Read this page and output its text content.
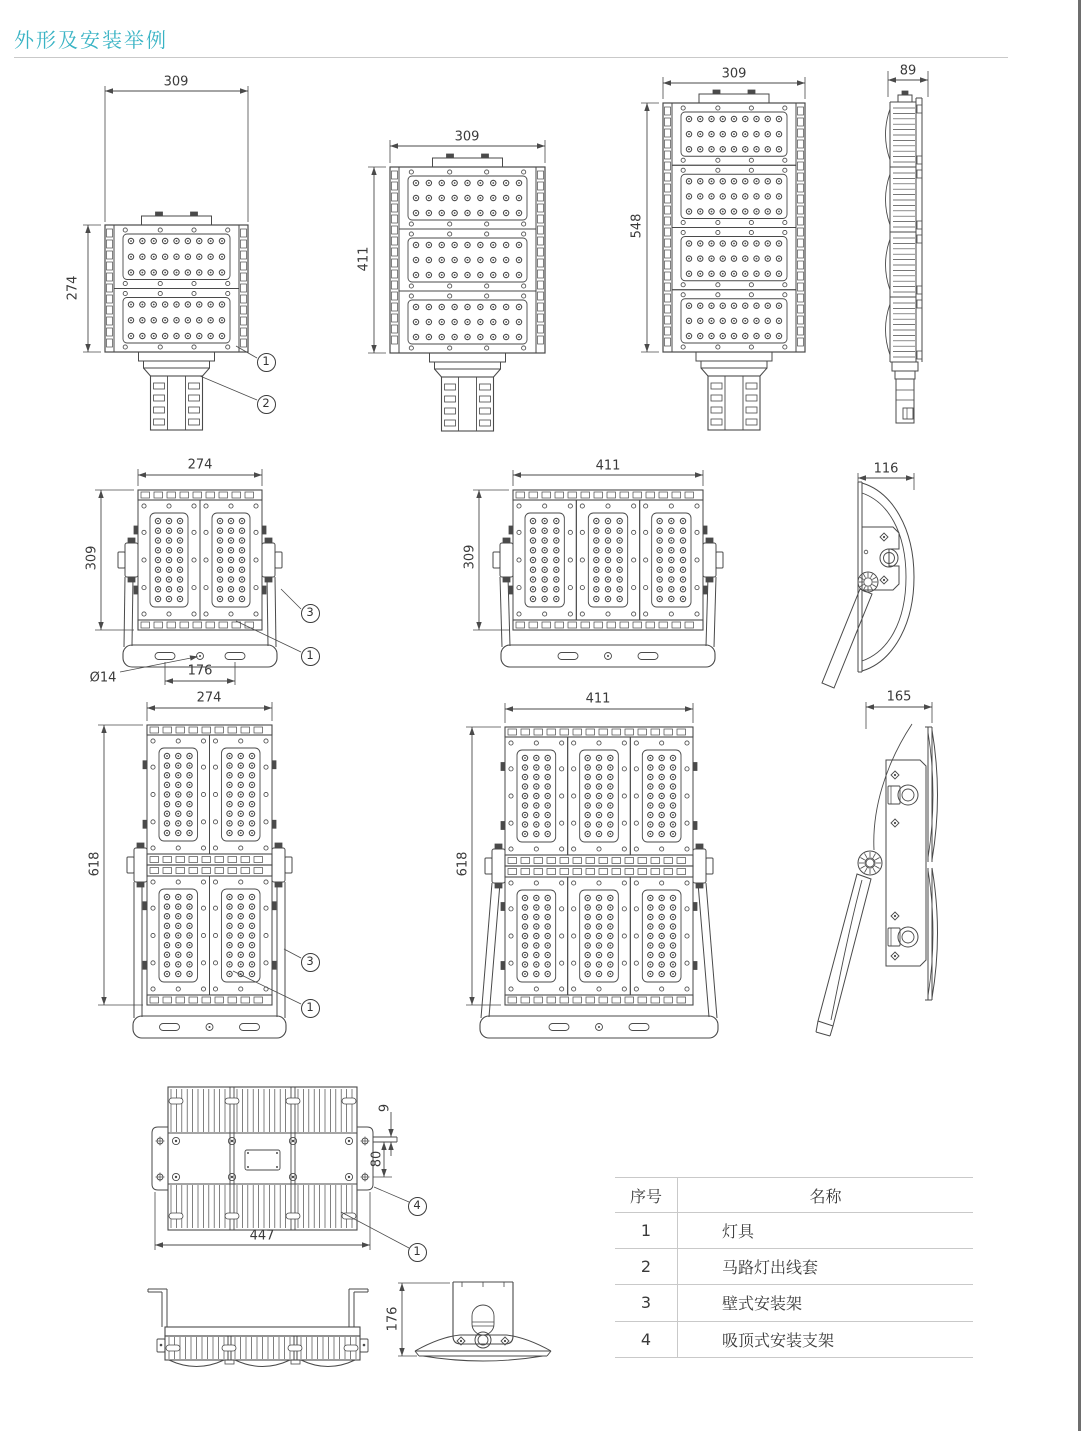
外形及安装举例
309
274
309
411
309
548
89
274
309
Ø14	176
411
309
116
274
618
411
618
165
447
9
80
176
1
2
3
1
3
1
4
1
序号	名称
1	灯具
2	马路灯出线套
3	壁式安装架
4	吸顶式安装支架
